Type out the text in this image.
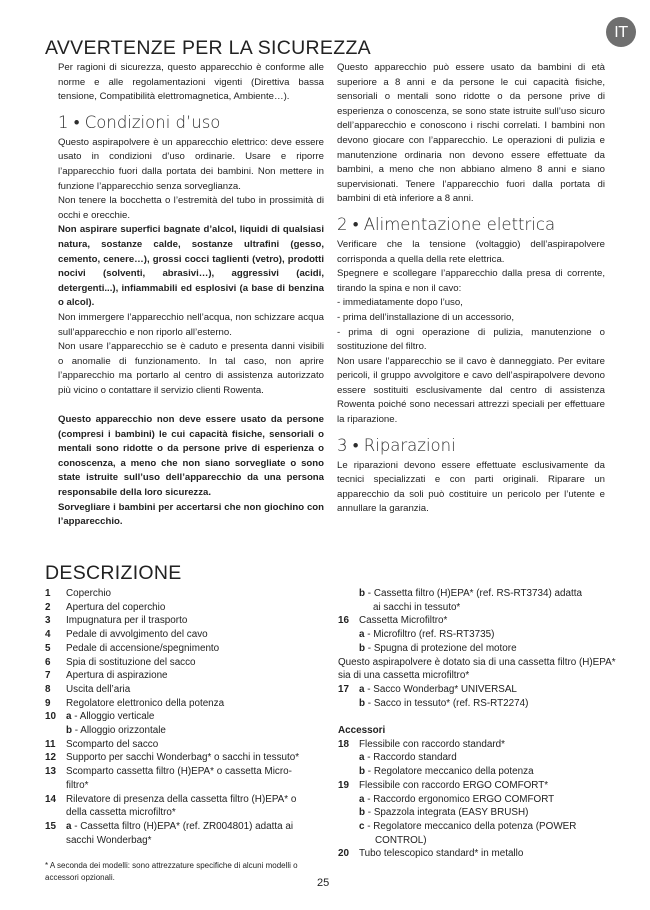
IT
AVVERTENZE PER LA SICUREZZA

Per ragioni di sicurezza, questo apparecchio è conforme alle norme e alle regolamentazioni vigenti (Direttiva bassa tensione, Compatibilità elettromagnetica, Ambiente…).

1 • Condizioni d’uso

Questo aspirapolvere è un apparecchio elettrico: deve essere usato in condizioni d’uso ordinarie. Usare e riporre l’apparecchio fuori dalla portata dei bambini. Non mettere in funzione l’apparecchio senza sorveglianza.

Non tenere la bocchetta o l’estremità del tubo in prossimità di occhi e orecchie.

Non aspirare superfici bagnate d’alcol, liquidi di qualsiasi natura, sostanze calde, sostanze ultrafini (gesso, cemento, cenere…), grossi cocci taglienti (vetro), prodotti nocivi (solventi, abrasivi…), aggressivi (acidi, detergenti...), infiammabili ed esplosivi (a base di benzina o alcol).

Non immergere l’apparecchio nell’acqua, non schizzare acqua sull’apparecchio e non riporlo all’esterno.

Non usare l’apparecchio se è caduto e presenta danni visibili o anomalie di funzionamento. In tal caso, non aprire l’apparecchio ma portarlo al centro di assistenza autorizzato più vicino o contattare il servizio clienti Rowenta.

Questo apparecchio non deve essere usato da persone (compresi i bambini) le cui capacità fisiche, sensoriali o mentali sono ridotte o da persone prive di esperienza o conoscenza, a meno che non siano sorvegliate o sono state istruite sull’uso dell’apparecchio da una persona responsabile della loro sicurezza.

Sorvegliare i bambini per accertarsi che non giochino con l’apparecchio.

Questo apparecchio può essere usato da bambini di età superiore a 8 anni e da persone le cui capacità fisiche, sensoriali o mentali sono ridotte o da persone prive di esperienza o conoscenza, se sono state istruite sull’uso sicuro dell’apparecchio e conoscono i rischi correlati. I bambini non devono giocare con l’apparecchio. Le operazioni di pulizia e manutenzione ordinaria non devono essere effettuate da bambini, a meno che non abbiano almeno 8 anni e siano supervisionati. Tenere l’apparecchio fuori dalla portata di bambini di età inferiore a 8 anni.

2 • Alimentazione elettrica

Verificare che la tensione (voltaggio) dell’aspirapolvere corrisponda a quella della rete elettrica.

Spegnere e scollegare l’apparecchio dalla presa di corrente, tirando la spina e non il cavo:

- immediatamente dopo l’uso,

- prima dell’installazione di un accessorio,

- prima di ogni operazione di pulizia, manutenzione o sostituzione del filtro.

Non usare l’apparecchio se il cavo è danneggiato. Per evitare pericoli, il gruppo avvolgitore e cavo dell’aspirapolvere devono essere sostituiti esclusivamente dal centro di assistenza Rowenta poiché sono necessari attrezzi speciali per effettuare la riparazione.

3 • Riparazioni

Le riparazioni devono essere effettuate esclusivamente da tecnici specializzati e con parti originali. Riparare un apparecchio da soli può costituire un pericolo per l’utente e annullare la garanzia.

DESCRIZIONE
1	Coperchio
2	Apertura del coperchio
3	Impugnatura per il trasporto
4	Pedale di avvolgimento del cavo
5	Pedale di accensione/spegnimento
6	Spia di sostituzione del sacco
7	Apertura di aspirazione
8	Uscita dell’aria
9	Regolatore elettronico della potenza
10	a - Alloggio verticale
b - Alloggio orizzontale
11	Scomparto del sacco
12	Supporto per sacchi Wonderbag* o sacchi in tessuto*
13	Scomparto cassetta filtro (H)EPA* o cassetta Micro-
filtro*
14	Rilevatore di presenza della cassetta filtro (H)EPA* o
della cassetta microfiltro*
15	a - Cassetta filtro (H)EPA* (ref. ZR004801) adatta ai
sacchi Wonderbag*
b - Cassetta filtro (H)EPA* (ref. RS-RT3734) adatta
ai sacchi in tessuto*
16	Cassetta Microfiltro*
a - Microfiltro (ref. RS-RT3735)
b - Spugna di protezione del motore
Questo aspirapolvere è dotato sia di una cassetta filtro (H)EPA* sia di una cassetta microfiltro*
17	a - Sacco Wonderbag* UNIVERSAL
b - Sacco in tessuto* (ref. RS-RT2274)
Accessori
18	Flessibile con raccordo standard*
a - Raccordo standard
b - Regolatore meccanico della potenza
19	Flessibile con raccordo ERGO COMFORT*
a - Raccordo ergonomico ERGO COMFORT
b - Spazzola integrata (EASY BRUSH)
c - Regolatore meccanico della potenza (POWER
CONTROL)
20	Tubo telescopico standard* in metallo
* A seconda dei modelli: sono attrezzature specifiche di alcuni modelli o accessori opzionali.	25
